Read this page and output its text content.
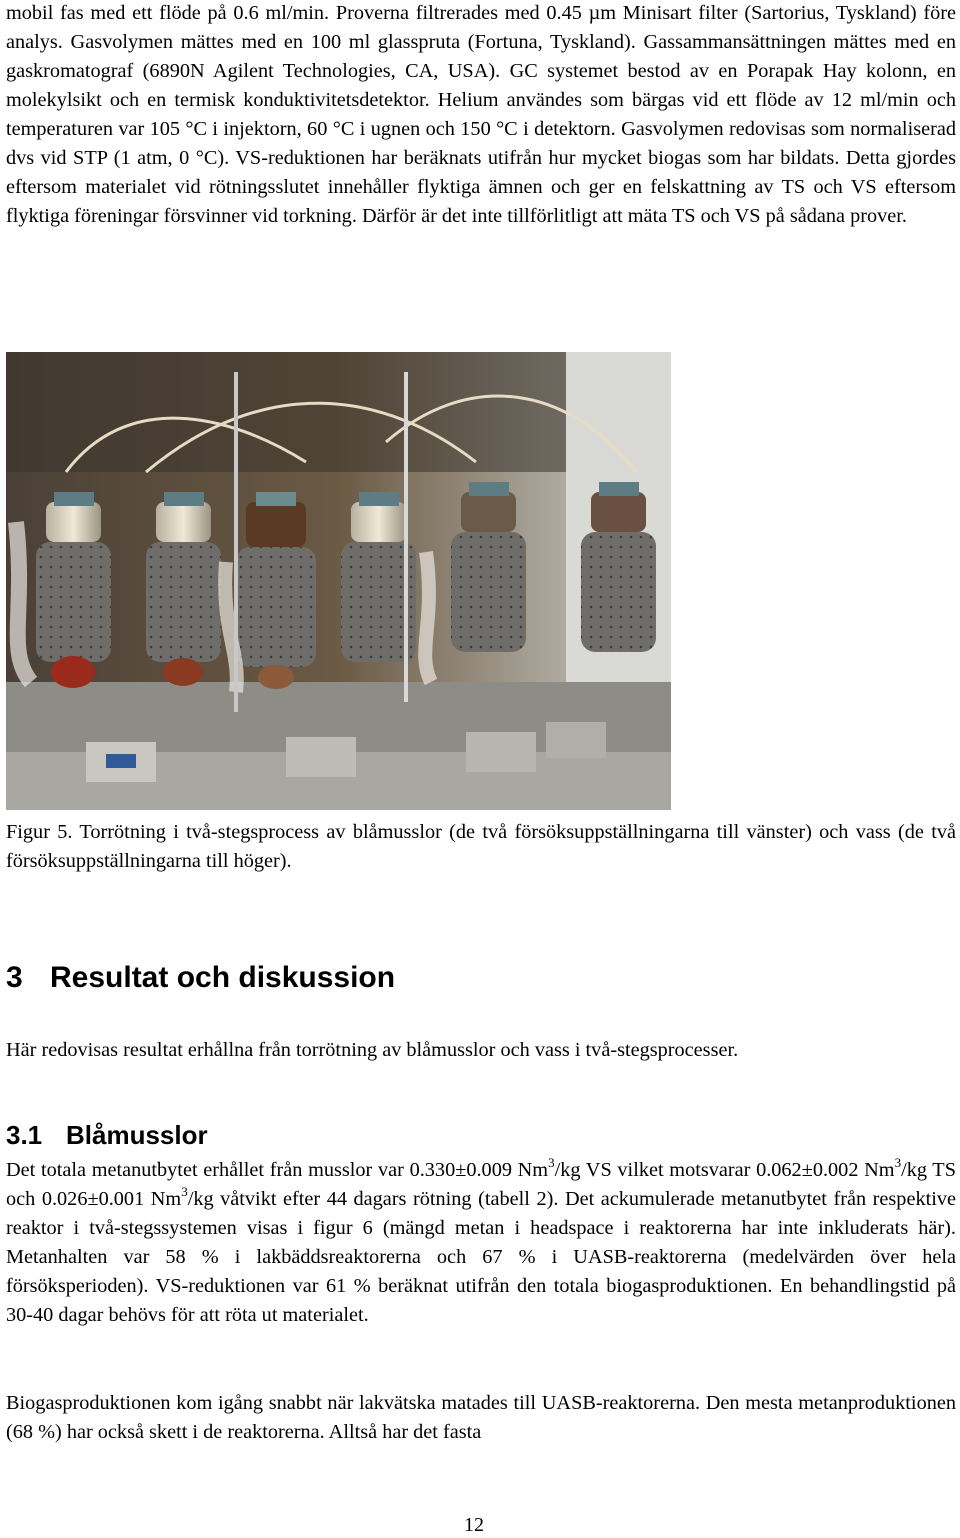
mobil fas med ett flöde på 0.6 ml/min. Proverna filtrerades med 0.45 µm Minisart filter (Sartorius, Tyskland) före analys. Gasvolymen mättes med en 100 ml glasspruta (Fortuna, Tyskland). Gassammansättningen mättes med en gaskromatograf (6890N Agilent Technologies, CA, USA). GC systemet bestod av en Porapak Hay kolonn, en molekylsikt och en termisk konduktivitetsdetektor. Helium användes som bärgas vid ett flöde av 12 ml/min och temperaturen var 105 °C i injektorn, 60 °C i ugnen och 150 °C i detektorn. Gasvolymen redovisas som normaliserad dvs vid STP (1 atm, 0 °C). VS-reduktionen har beräknats utifrån hur mycket biogas som har bildats. Detta gjordes eftersom materialet vid rötningsslutet innehåller flyktiga ämnen och ger en felskattning av TS och VS eftersom flyktiga föreningar försvinner vid torkning. Därför är det inte tillförlitligt att mäta TS och VS på sådana prover.

Figur 5. Torrötning i två-stegsprocess av blåmusslor (de två försöksuppställningarna till vänster) och vass (de två försöksuppställningarna till höger).

3 Resultat och diskussion

Här redovisas resultat erhållna från torrötning av blåmusslor och vass i två-stegsprocesser.

3.1 Blåmusslor

Det totala metanutbytet erhållet från musslor var 0.330±0.009 Nm$^3$/kg VS vilket motsvarar 0.062±0.002 Nm$^3$/kg TS och 0.026±0.001 Nm$^3$/kg våtvikt efter 44 dagars rötning (tabell 2). Det ackumulerade metanutbytet från respektive reaktor i två-stegssystemen visas i figur 6 (mängd metan i headspace i reaktorerna har inte inkluderats här). Metanhalten var 58 % i lakbäddsreaktorerna och 67 % i UASB-reaktorerna (medelvärden över hela försöksperioden). VS-reduktionen var 61 % beräknat utifrån den totala biogasproduktionen. En behandlingstid på 30-40 dagar behövs för att röta ut materialet.

Biogasproduktionen kom igång snabbt när lakvätska matades till UASB-reaktorerna. Den mesta metanproduktionen (68 %) har också skett i de reaktorerna. Alltså har det fasta

12
